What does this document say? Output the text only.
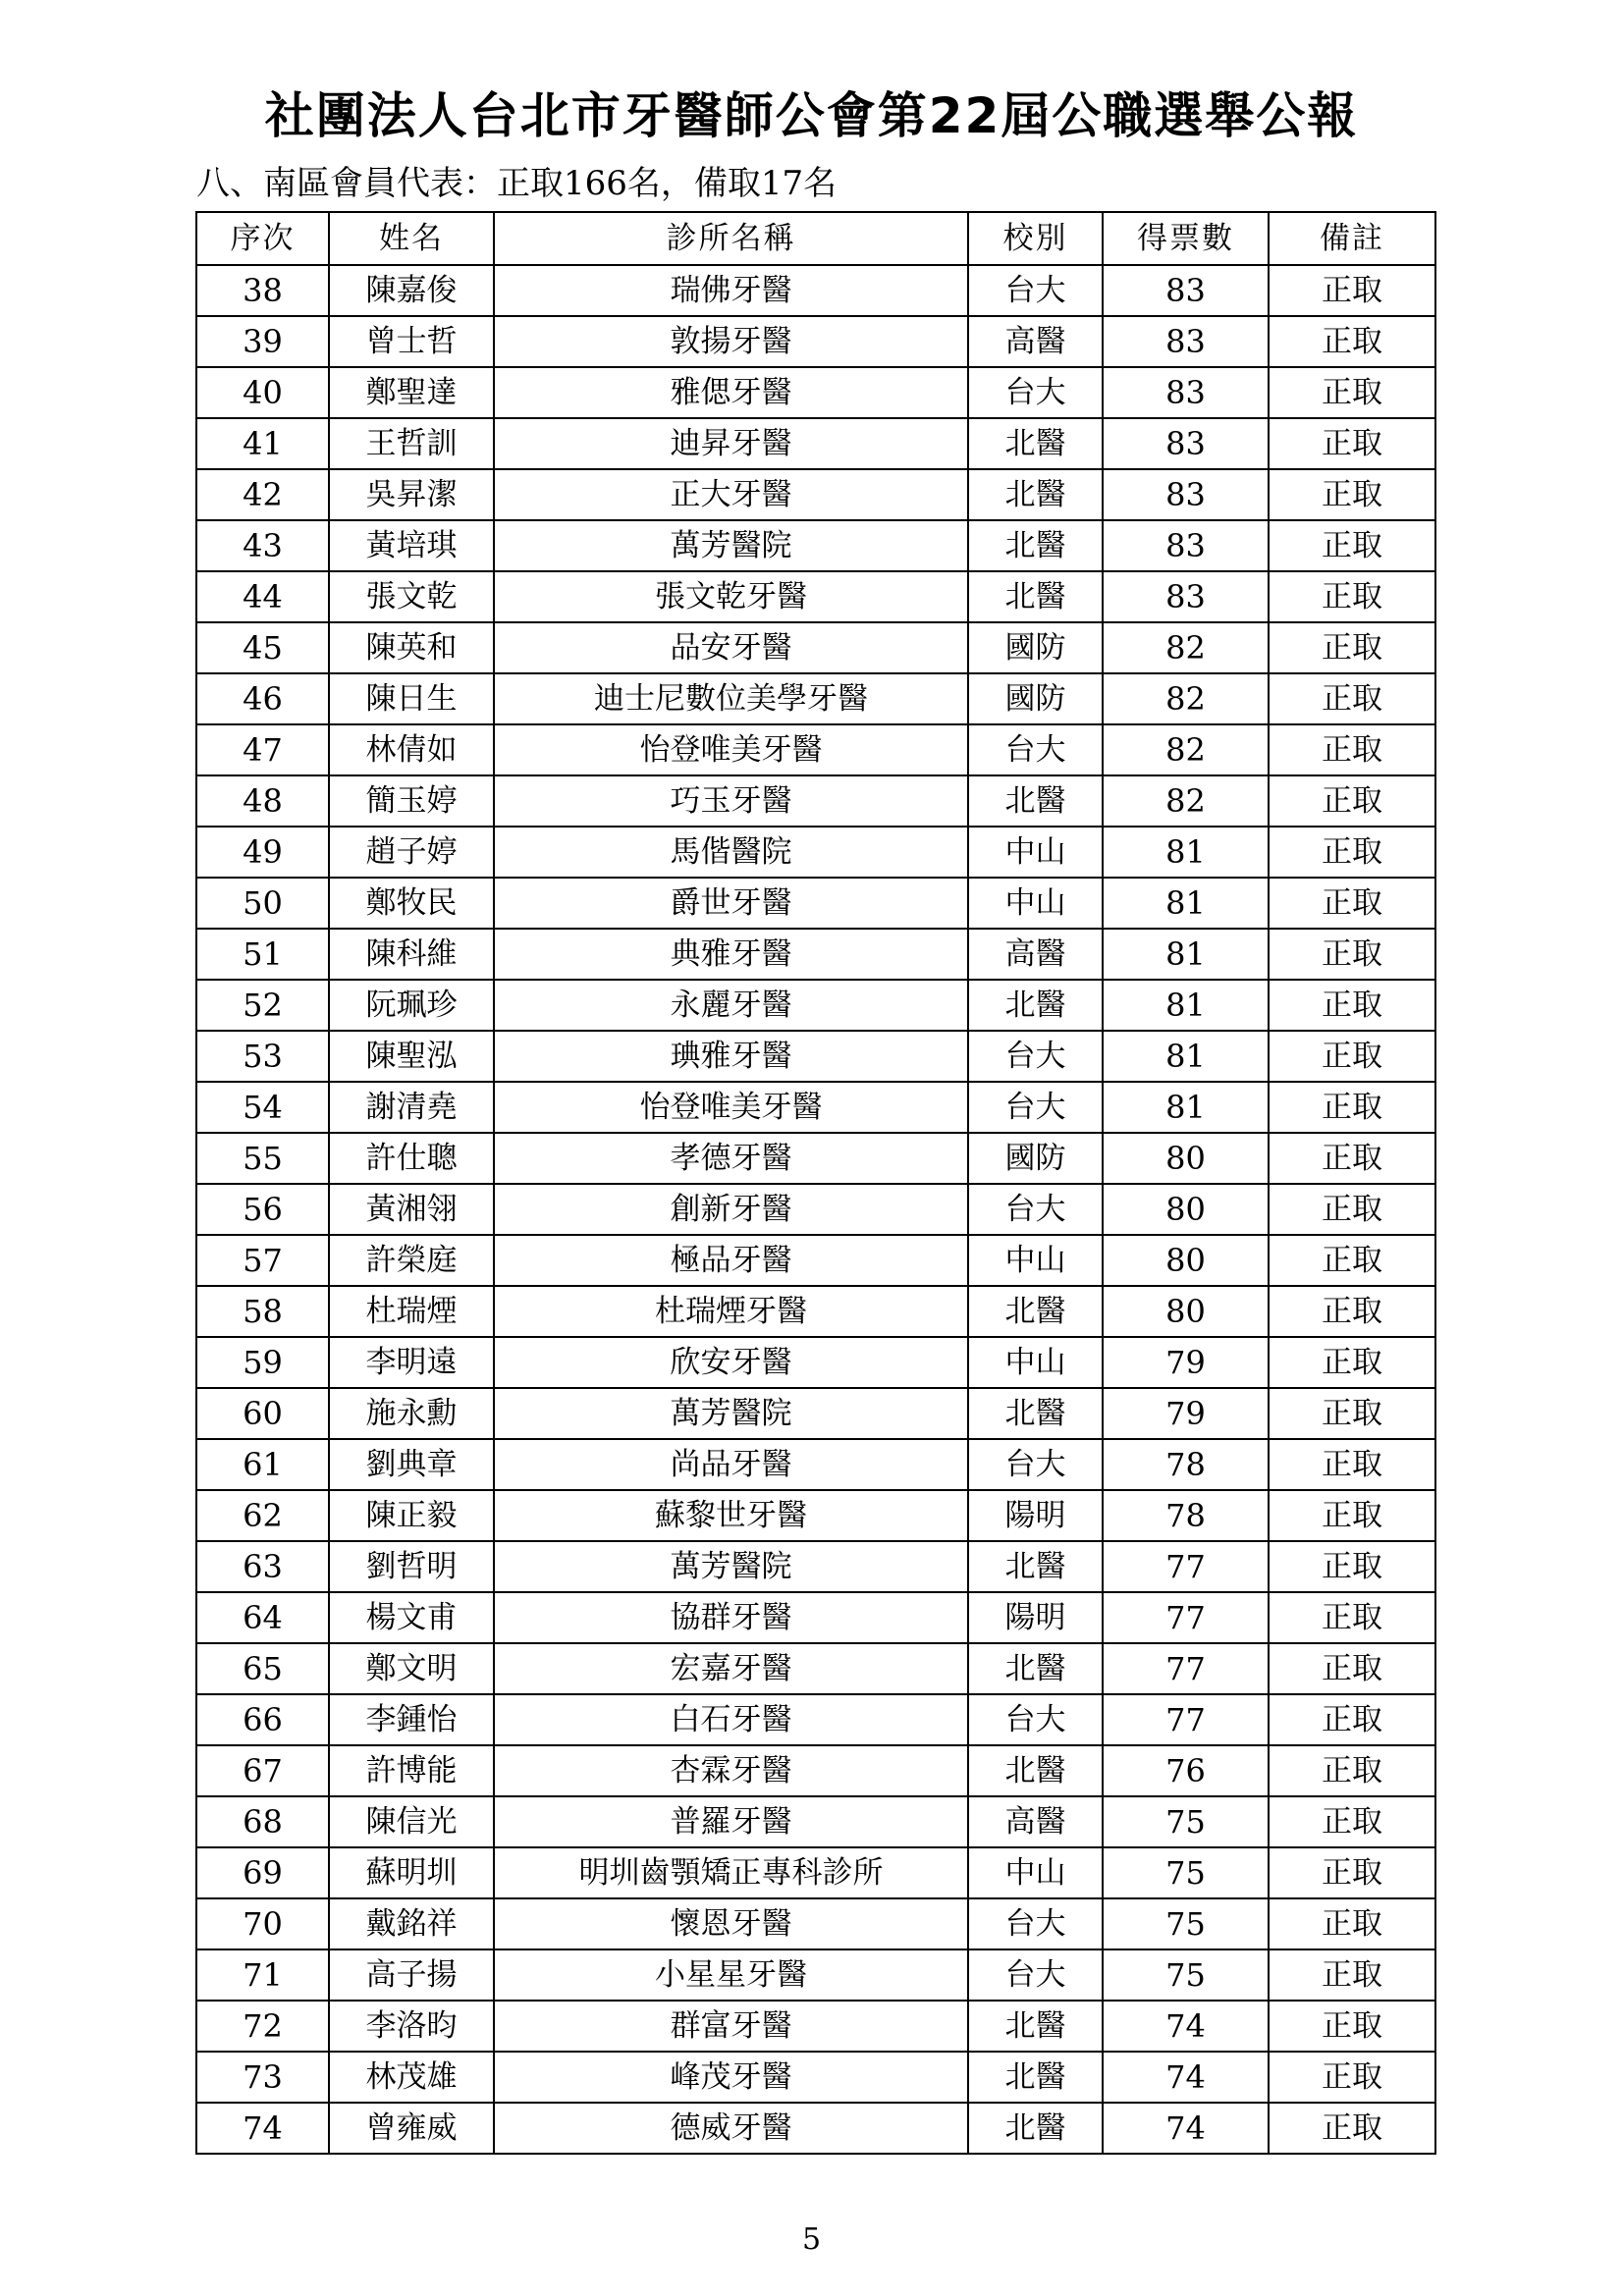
社團法人台北市牙醫師公會第22屆公職選舉公報

八、南區會員代表：正取166名，備取17名

序次	姓名	診所名稱	校別	得票數	備註
38	陳嘉俊	瑞佛牙醫	台大	83	正取
39	曾士哲	敦揚牙醫	高醫	83	正取
40	鄭聖達	雅偲牙醫	台大	83	正取
41	王哲訓	迪昇牙醫	北醫	83	正取
42	吳昇潔	正大牙醫	北醫	83	正取
43	黃培琪	萬芳醫院	北醫	83	正取
44	張文乾	張文乾牙醫	北醫	83	正取
45	陳英和	品安牙醫	國防	82	正取
46	陳日生	迪士尼數位美學牙醫	國防	82	正取
47	林倩如	怡登唯美牙醫	台大	82	正取
48	簡玉婷	巧玉牙醫	北醫	82	正取
49	趙子婷	馬偕醫院	中山	81	正取
50	鄭牧民	爵世牙醫	中山	81	正取
51	陳科維	典雅牙醫	高醫	81	正取
52	阮珮珍	永麗牙醫	北醫	81	正取
53	陳聖泓	琠雅牙醫	台大	81	正取
54	謝清堯	怡登唯美牙醫	台大	81	正取
55	許仕聰	孝德牙醫	國防	80	正取
56	黃湘翎	創新牙醫	台大	80	正取
57	許榮庭	極品牙醫	中山	80	正取
58	杜瑞煙	杜瑞煙牙醫	北醫	80	正取
59	李明遠	欣安牙醫	中山	79	正取
60	施永勳	萬芳醫院	北醫	79	正取
61	劉典章	尚品牙醫	台大	78	正取
62	陳正毅	蘇黎世牙醫	陽明	78	正取
63	劉哲明	萬芳醫院	北醫	77	正取
64	楊文甫	協群牙醫	陽明	77	正取
65	鄭文明	宏嘉牙醫	北醫	77	正取
66	李鍾怡	白石牙醫	台大	77	正取
67	許博能	杏霖牙醫	北醫	76	正取
68	陳信光	普羅牙醫	高醫	75	正取
69	蘇明圳	明圳齒顎矯正專科診所	中山	75	正取
70	戴銘祥	懷恩牙醫	台大	75	正取
71	高子揚	小星星牙醫	台大	75	正取
72	李洛昀	群富牙醫	北醫	74	正取
73	林茂雄	峰茂牙醫	北醫	74	正取
74	曾雍威	德威牙醫	北醫	74	正取
5
